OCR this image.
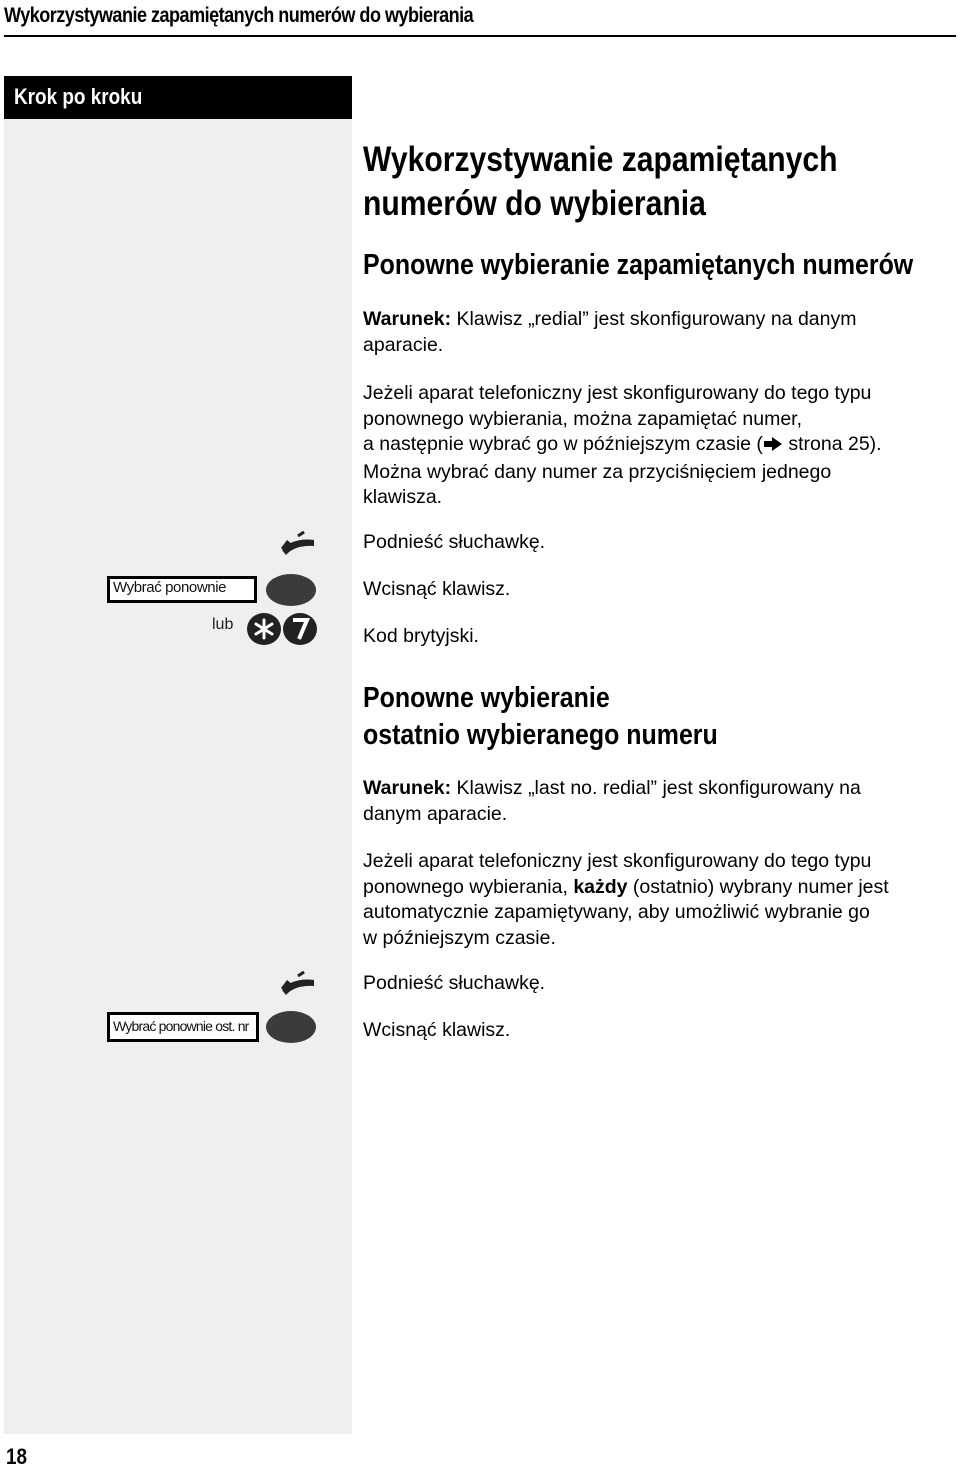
Wykorzystywanie zapamiętanych numerów do wybierania
Krok po kroku
Wykorzystywanie zapamiętanych
numerów do wybierania
Ponowne wybieranie zapamiętanych numerów
Warunek: Klawisz „redial” jest skonfigurowany na danym
aparacie.
Jeżeli aparat telefoniczny jest skonfigurowany do tego typu
ponownego wybierania, można zapamiętać numer,
a następnie wybrać go w późniejszym czasie ( strona 25).
Można wybrać dany numer za przyciśnięciem jednego
klawisza.
Wybrać ponownie
lub
Podnieść słuchawkę.
Wcisnąć klawisz.
Kod brytyjski.
Ponowne wybieranie
ostatnio wybieranego numeru
Warunek: Klawisz „last no. redial” jest skonfigurowany na
danym aparacie.
Jeżeli aparat telefoniczny jest skonfigurowany do tego typu
ponownego wybierania, każdy (ostatnio) wybrany numer jest
automatycznie zapamiętywany, aby umożliwić wybranie go
w późniejszym czasie.
Wybrać ponownie ost. nr
Podnieść słuchawkę.
Wcisnąć klawisz.
18
